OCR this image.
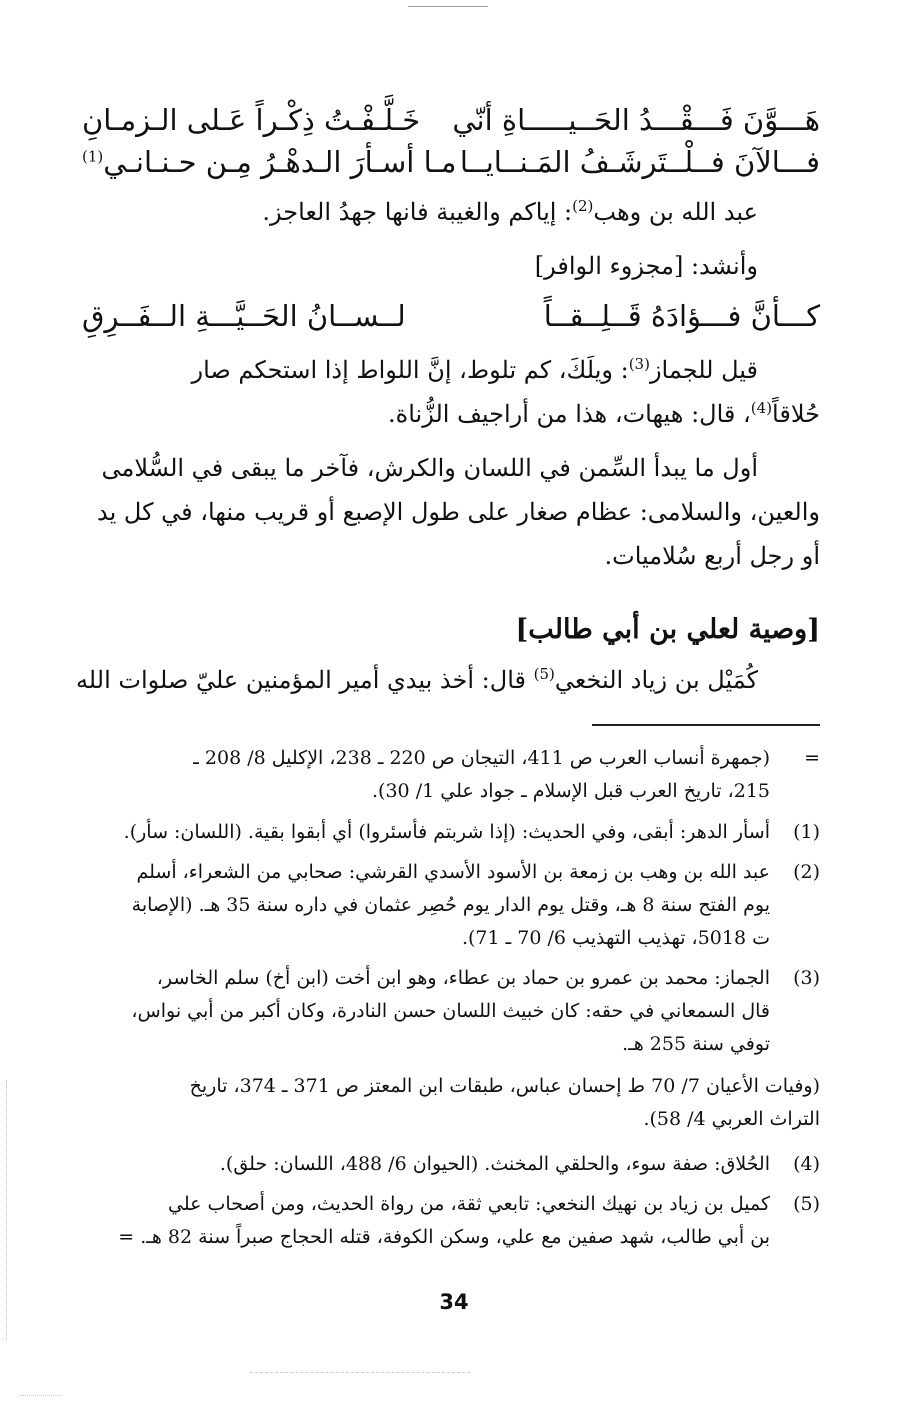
هَـــوَّنَ فَـــقْـــدُ الحَــيـــــاةِ أنّي
خَـلَّـفْـتُ ذِكْـراً عَـلى الـزمـانِ
فـــالآنَ فــلْــتَرشَـفُ المَـنــايــا
مـا أسـأرَ الـدهْـرُ مِـن حـنـانـي$^{(1)}$
عبد الله بن وهب$^{(2)}$: إياكم والغيبة فانها جهدُ العاجز.
وأنشد: [مجزوء الوافر]
كـــأنَّ فـــؤادَهُ قَــلِــقــاً
لــســانُ الحَــيَّـــةِ الــفَــرِقِ
قيل للجماز$^{(3)}$: ويلَكَ، كم تلوط، إنَّ اللواط إذا استحكم صار
حُلاقاً$^{(4)}$، قال: هيهات، هذا من أراجيف الزُّناة.
أول ما يبدأ السِّمن في اللسان والكرش، فآخر ما يبقى في السُّلامى
والعين، والسلامى: عظام صغار على طول الإصبع أو قريب منها، في كل يد
أو رجل أربع سُلاميات.
[وصية لعلي بن أبي طالب]
كُمَيْل بن زياد النخعي$^{(5)}$ قال: أخذ بيدي أمير المؤمنين عليّ صلوات الله
=
(جمهرة أنساب العرب ص 411، التيجان ص 220 ـ 238، الإكليل 8/ 208 ـ
215، تاريخ العرب قبل الإسلام ـ جواد علي 1/ 30).
(1)
أسأر الدهر: أبقى، وفي الحديث: (إذا شربتم فأسئروا) أي أبقوا بقية. (اللسان: سأر).
(2)
عبد الله بن وهب بن زمعة بن الأسود الأسدي القرشي: صحابي من الشعراء، أسلم
يوم الفتح سنة 8 هـ، وقتل يوم الدار يوم حُصِر عثمان في داره سنة 35 هـ. (الإصابة
ت 5018، تهذيب التهذيب 6/ 70 ـ 71).
(3)
الجماز: محمد بن عمرو بن حماد بن عطاء، وهو ابن أخت (ابن أخ) سلم الخاسر،
قال السمعاني في حقه: كان خبيث اللسان حسن النادرة، وكان أكبر من أبي نواس،
توفي سنة 255 هـ.
(وفيات الأعيان 7/ 70 ط إحسان عباس، طبقات ابن المعتز ص 371 ـ 374، تاريخ
التراث العربي 4/ 58).
(4)
الحُلاق: صفة سوء، والحلقي المخنث. (الحيوان 6/ 488، اللسان: حلق).
(5)
كميل بن زياد بن نهيك النخعي: تابعي ثقة، من رواة الحديث، ومن أصحاب علي
بن أبي طالب، شهد صفين مع علي، وسكن الكوفة، قتله الحجاج صبراً سنة 82 هـ. =
34
